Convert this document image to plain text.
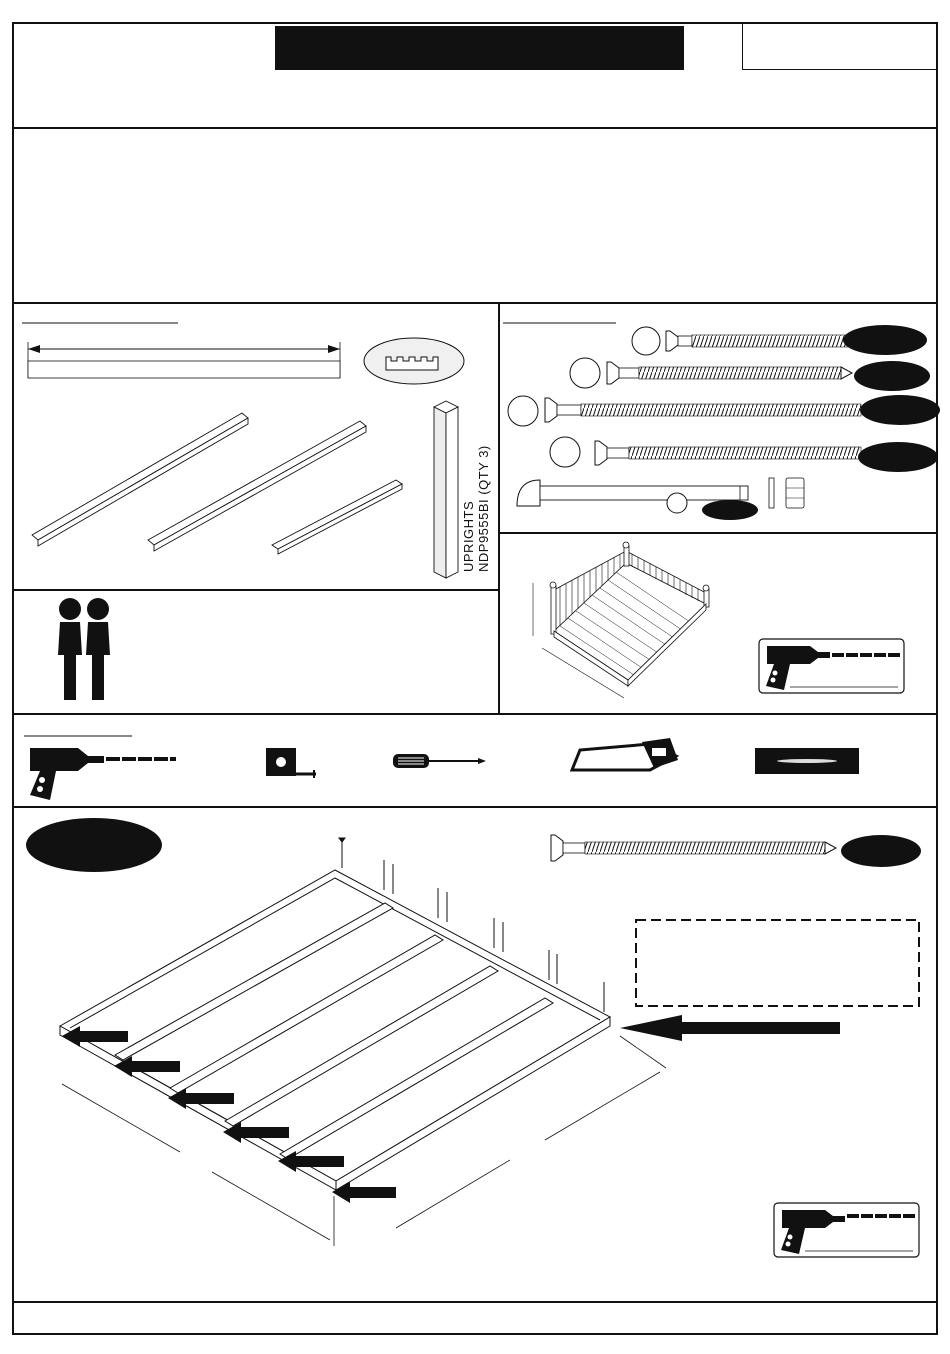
UPRIGHTS NDP9555BI (QTY 3)
